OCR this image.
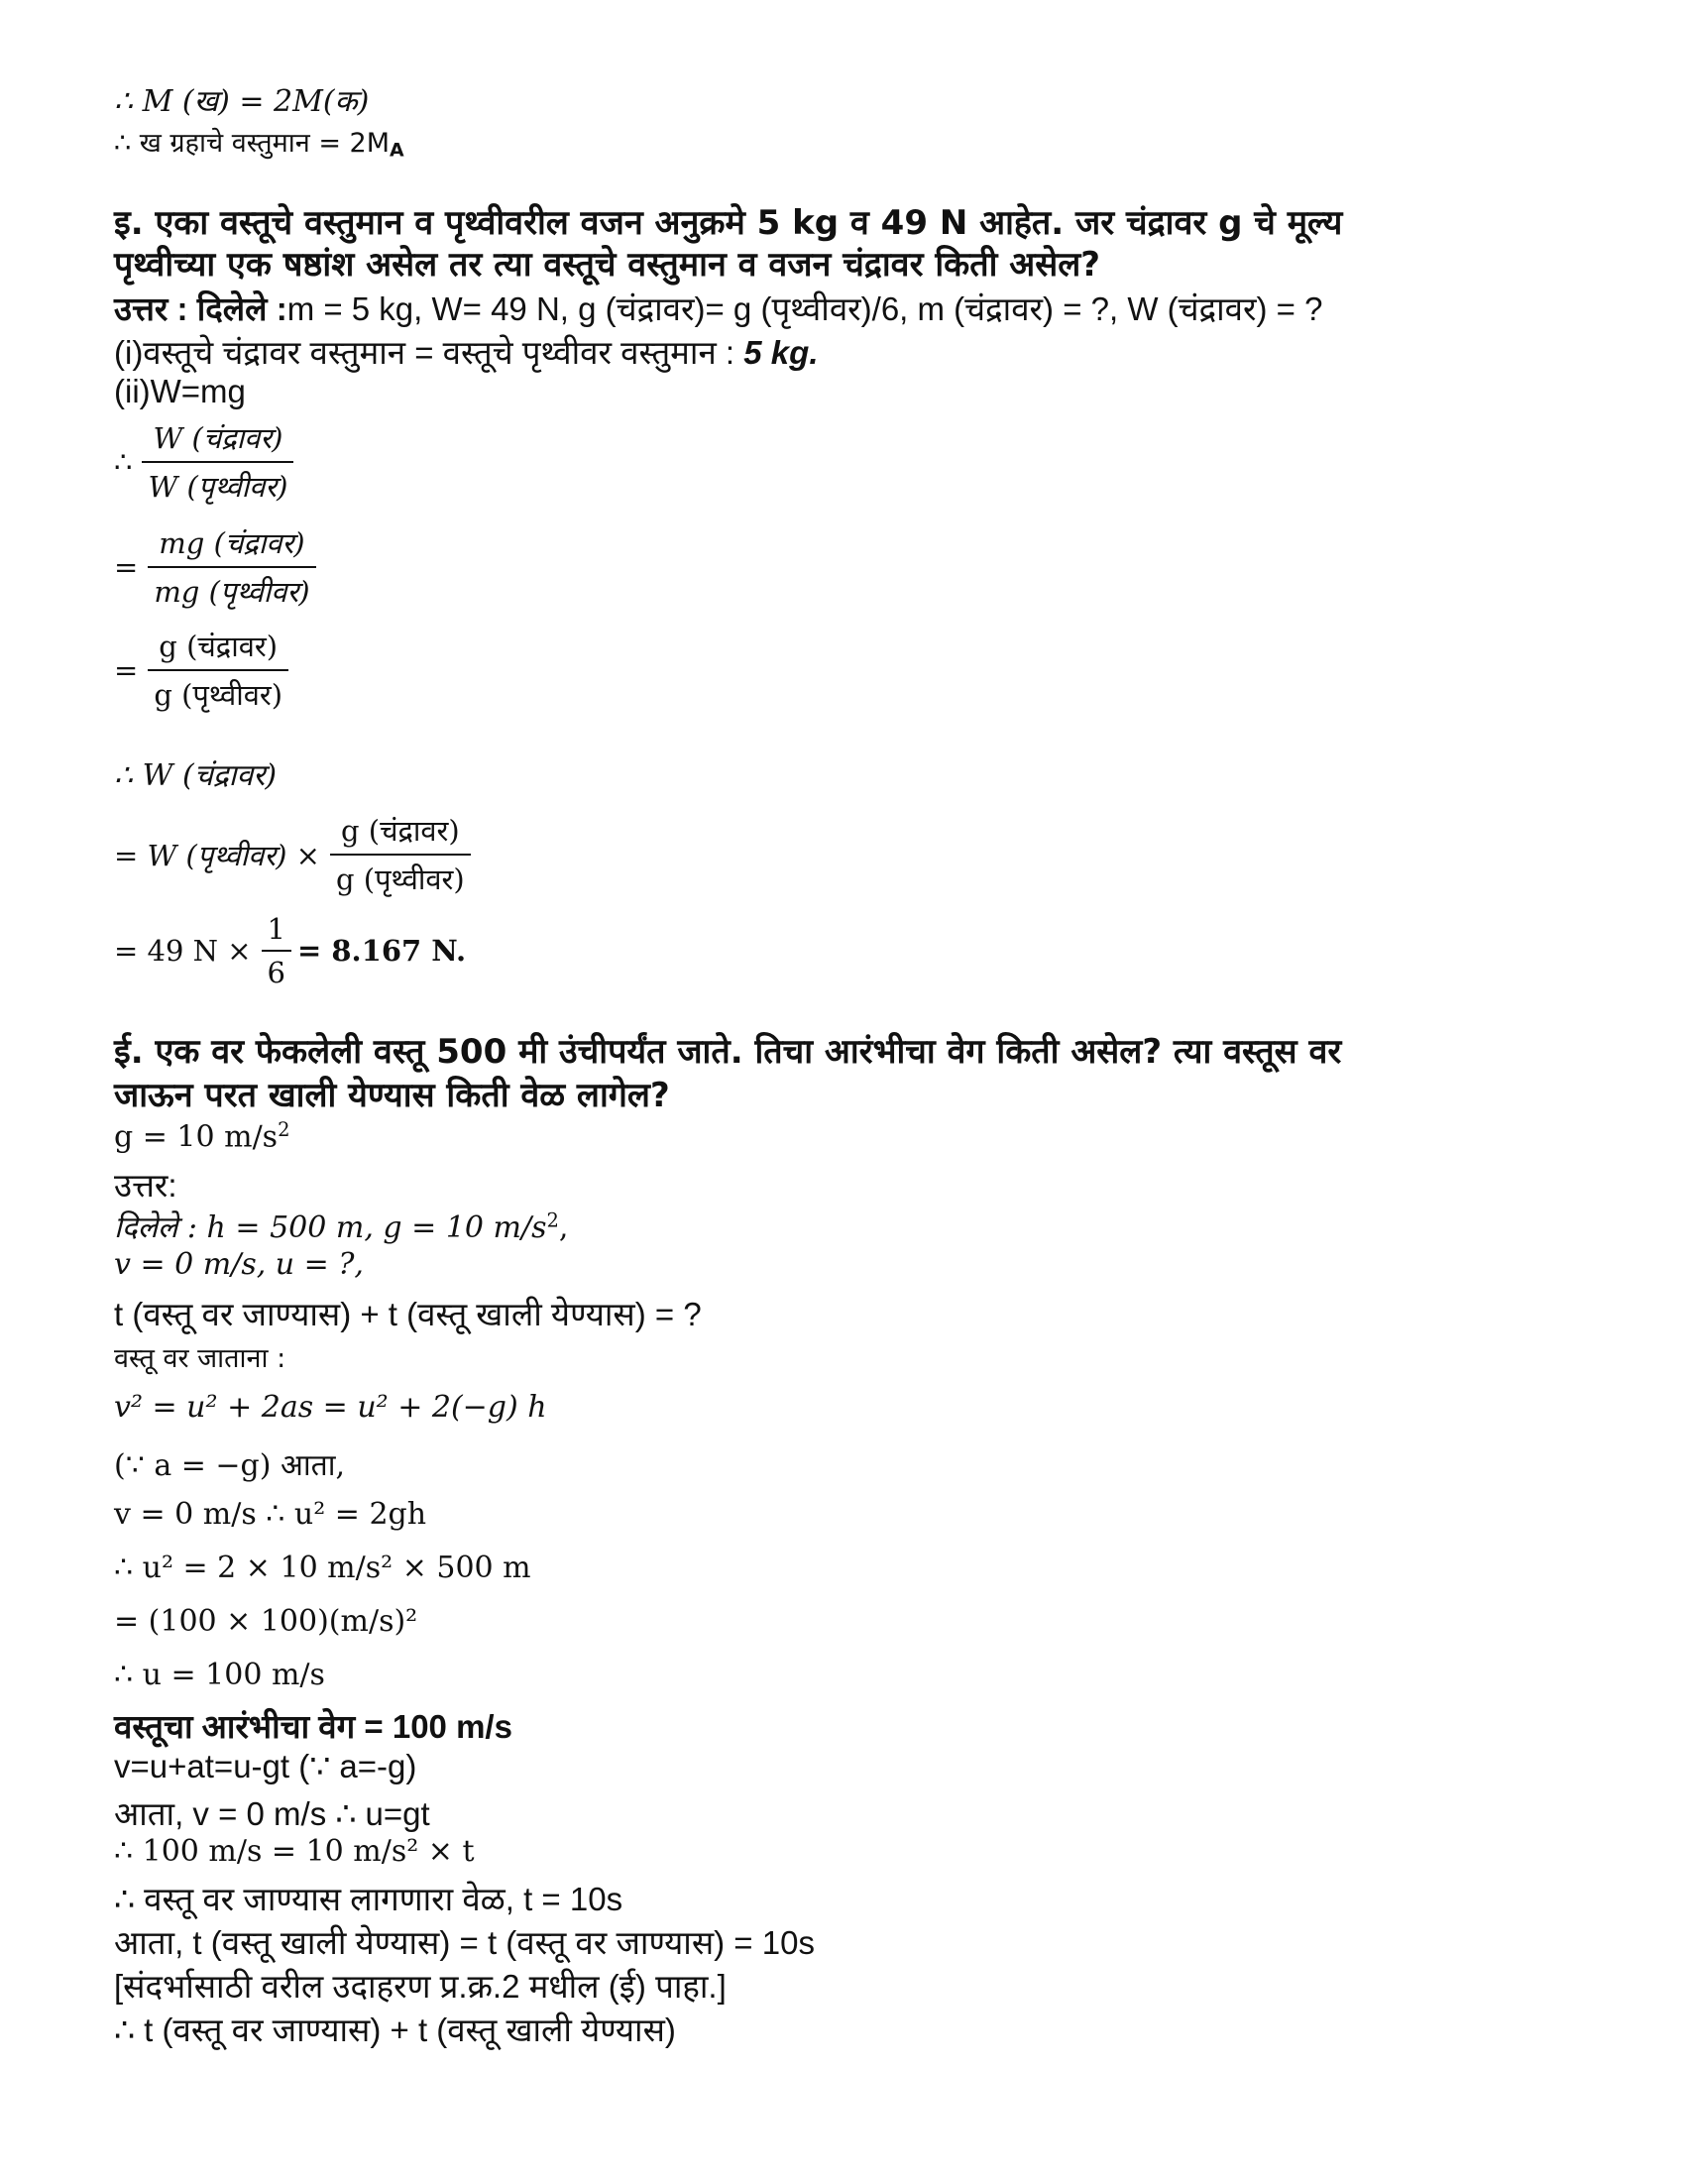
∴ M (ख) = 2M(क)
∴ ख ग्रहाचे वस्तुमान = $2M_A$
इ. एका वस्तूचे वस्तुमान व पृथ्वीवरील वजन अनुक्रमे 5 kg व 49 N आहेत. जर चंद्रावर g चे मूल्य
पृथ्वीच्या एक षष्ठांश असेल तर त्या वस्तूचे वस्तुमान व वजन चंद्रावर किती असेल?
उत्तर : दिलेले :m = 5 kg, W= 49 N, g (चंद्रावर)= g (पृथ्वीवर)/6, m (चंद्रावर) = ?, W (चंद्रावर) = ?
(i)वस्तूचे चंद्रावर वस्तुमान = वस्तूचे पृथ्वीवर वस्तुमान : 5 kg.
(ii)W=mg
∴ $\frac{\text{W (चंद्रावर)}}{\text{W (पृथ्वीवर)}}$
= $\frac{\text{mg (चंद्रावर)}}{\text{mg (पृथ्वीवर)}}$
= $\frac{\text{g (चंद्रावर)}}{\text{g (पृथ्वीवर)}}$
∴ W (चंद्रावर)
= W (पृथ्वीवर) × $\frac{\text{g (चंद्रावर)}}{\text{g (पृथ्वीवर)}}$
= 49 $N \times \frac{1}{6} = 8.167$ N.
ई. एक वर फेकलेली वस्तू 500 मी उंचीपर्यंत जाते. तिचा आरंभीचा वेग किती असेल? त्या वस्तूस वर
जाऊन परत खाली येण्यास किती वेळ लागेल?
g = 10 $m/s^2$
उत्तर:
दिलेले : h = 500 m, g = 10 $m/s^2$,
v = 0 m/s, u = ?,
t (वस्तू वर जाण्यास) + t (वस्तू खाली येण्यास) = ?
वस्तू वर जाताना :
v² = u² + 2as = u² + 2(−g) h
(∵ a = −g) आता,
v = 0 m/s ∴ u² = 2gh
∴ u² = 2 × 10 m/s² × 500 m
= (100 × 100)(m/s)²
∴ u = 100 m/s
वस्तूचा आरंभीचा वेग = 100 m/s
v=u+at=u-gt (∵ a=-g)
आता, v = 0 m/s ∴ u=gt
∴ 100 m/s = 10 m/s² × t
∴ वस्तू वर जाण्यास लागणारा वेळ, t = 10s
आता, t (वस्तू खाली येण्यास) = t (वस्तू वर जाण्यास) = 10s
[संदर्भासाठी वरील उदाहरण प्र.क्र.2 मधील (ई) पाहा.]
∴ t (वस्तू वर जाण्यास) + t (वस्तू खाली येण्यास)
